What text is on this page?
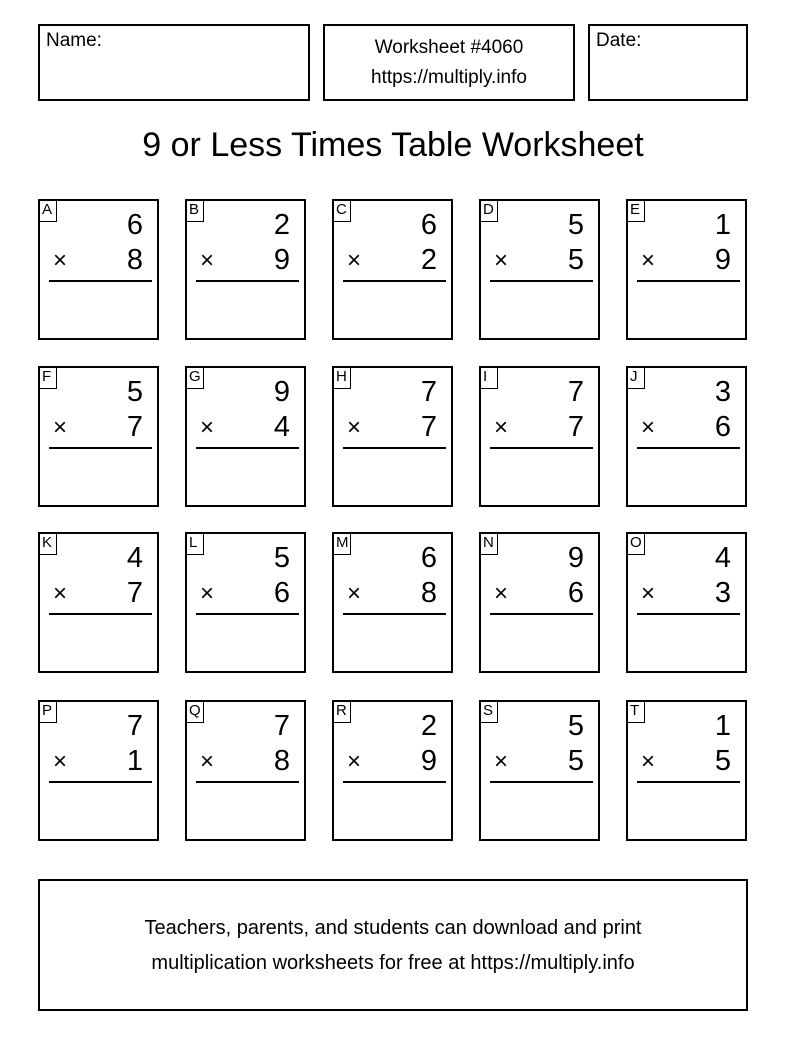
Name:	Worksheet #4060
https://multiply.info
Date:
9 or Less Times Table Worksheet
A	6
× 8
B	2
× 9
C	6
× 2
D	5
× 5
E	1
× 9
F	5
× 7
G	9
× 4
H	7
× 7
I	7
× 7
J	3
× 6
K	4
× 7
L	5
× 6
M 6
× 8
N	9
× 6
O	4
× 3
P	7
× 1
Q	7
× 8
R	2
× 9
S	5
× 5
T	1
× 5
Teachers, parents, and students can download and print
multiplication worksheets for free at https://multiply.info
